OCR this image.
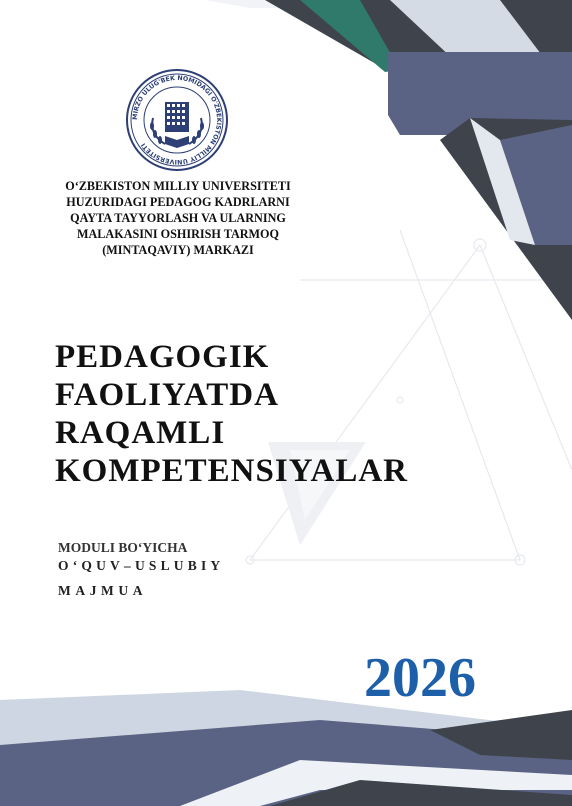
MIRZO ULUG'BEK NOMIDAGI O'ZBEKISTON MILLIY UNIVERSITETI
O‘ZBEKISTON MILLIY UNIVERSITETI
HUZURIDAGI PEDAGOG KADRLARNI
QAYTA TAYYORLASH VA ULARNING
MALAKASINI OSHIRISH TARMOQ
(MINTAQAVIY) MARKAZI
PEDAGOGIK
FAOLIYATDA
RAQAMLI
KOMPETENSIYALAR
MODULI BO‘YICHA
O‘QUV–USLUBIY
MAJMUA
2026
